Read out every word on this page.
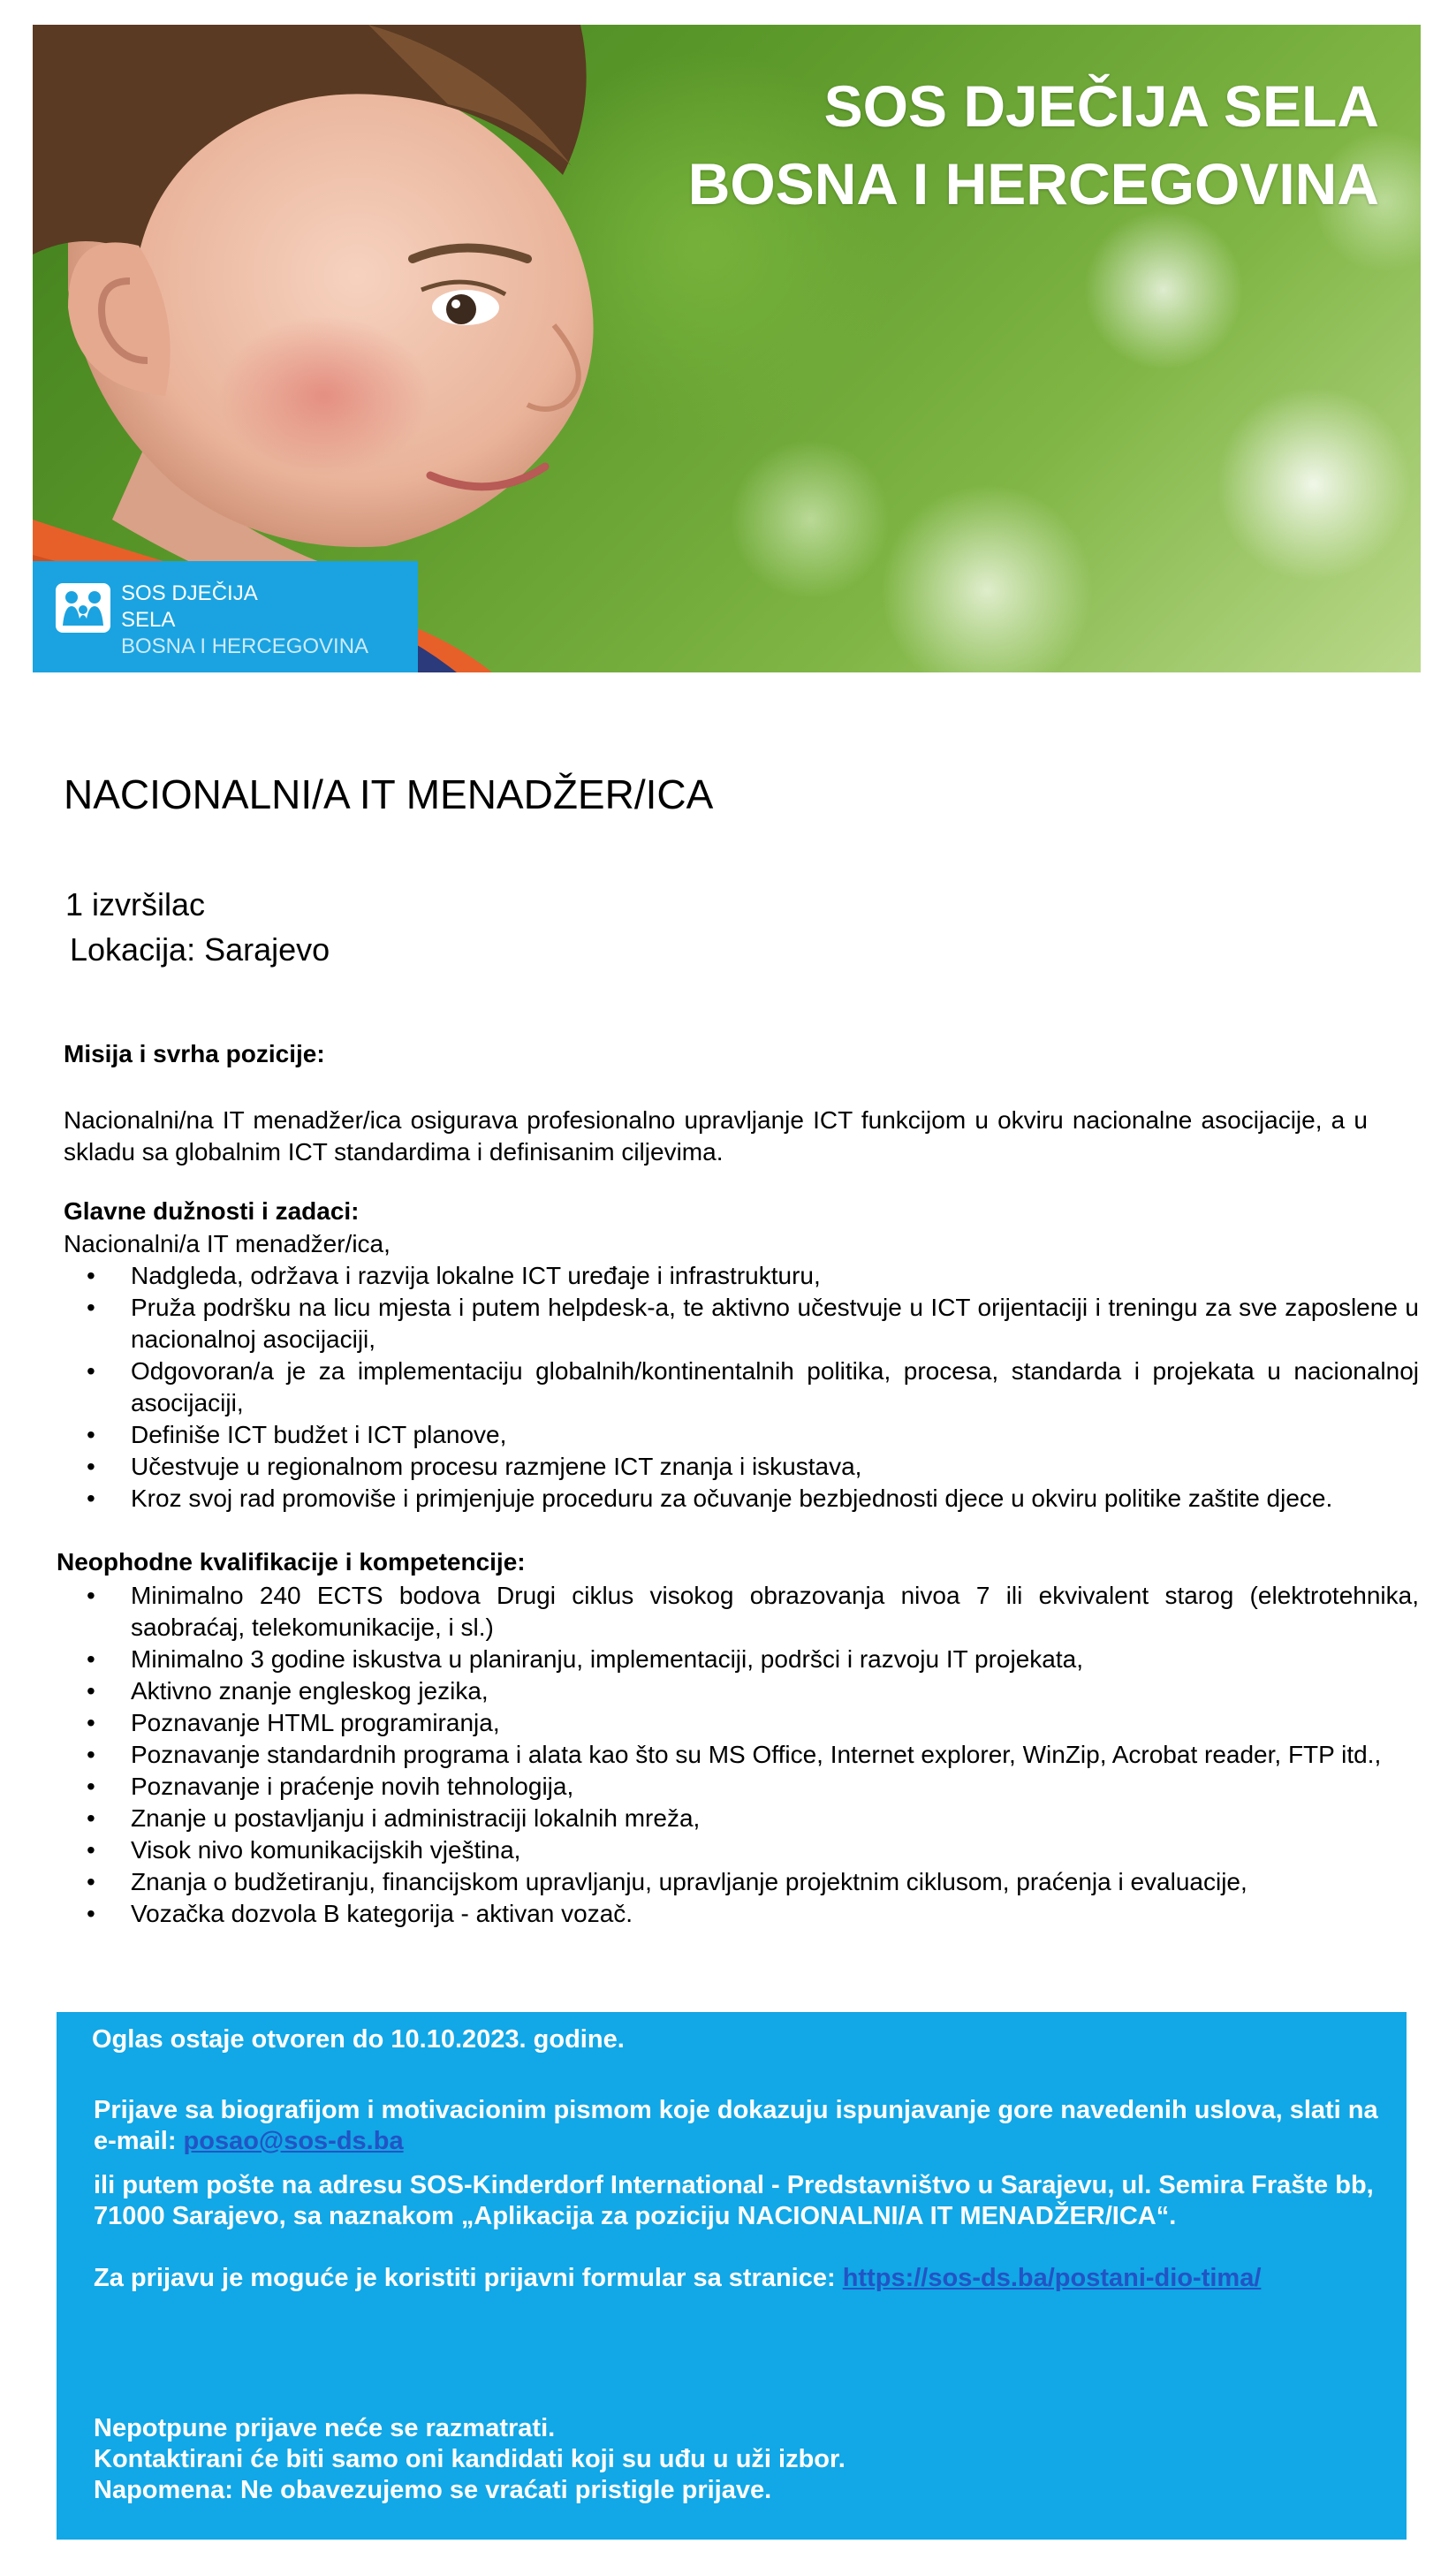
SOS DJEČIJA SELA
BOSNA I HERCEGOVINA
SOS DJEČIJA
SELA
BOSNA I HERCEGOVINA
NACIONALNI/A IT MENADŽER/ICA
1 izvršilac
Lokacija: Sarajevo
Misija i svrha pozicije:

Nacionalni/na IT menadžer/ica osigurava profesionalno upravljanje ICT funkcijom u okviru nacionalne asocijacije, a u skladu sa globalnim ICT standardima i definisanim ciljevima.

Glavne dužnosti i zadaci:
Nacionalni/a IT menadžer/ica,
• Nadgleda, održava i razvija lokalne ICT uređaje i infrastrukturu,
• Pruža podršku na licu mjesta i putem helpdesk-a, te aktivno učestvuje u ICT orijentaciji i treningu za sve zaposlene u nacionalnoj asocijaciji,
• Odgovoran/a je za implementaciju globalnih/kontinentalnih politika, procesa, standarda i projekata u nacionalnoj asocijaciji,
• Definiše ICT budžet i ICT planove,
• Učestvuje u regionalnom procesu razmjene ICT znanja i iskustava,
• Kroz svoj rad promoviše i primjenjuje proceduru za očuvanje bezbjednosti djece u okviru politike zaštite djece.
Neophodne kvalifikacije i kompetencije:
• Minimalno 240 ECTS bodova Drugi ciklus visokog obrazovanja nivoa 7 ili ekvivalent starog (elektrotehnika, saobraćaj, telekomunikacije, i sl.)
• Minimalno 3 godine iskustva u planiranju, implementaciji, podršci i razvoju IT projekata,
• Aktivno znanje engleskog jezika,
• Poznavanje HTML programiranja,
• Poznavanje standardnih programa i alata kao što su MS Office, Internet explorer, WinZip, Acrobat reader, FTP itd.,
• Poznavanje i praćenje novih tehnologija,
• Znanje u postavljanju i administraciji lokalnih mreža,
• Visok nivo komunikacijskih vještina,
• Znanja o budžetiranju, financijskom upravljanju, upravljanje projektnim ciklusom, praćenja i evaluacije,
• Vozačka dozvola B kategorija - aktivan vozač.

Oglas ostaje otvoren do 10.10.2023. godine.

Prijave sa biografijom i motivacionim pismom koje dokazuju ispunjavanje gore navedenih uslova, slati na e-mail: posao@sos-ds.ba

ili putem pošte na adresu SOS-Kinderdorf International - Predstavništvo u Sarajevu, ul. Semira Frašte bb, 71000 Sarajevo, sa naznakom „Aplikacija za poziciju NACIONALNI/A IT MENADŽER/ICA“.

Za prijavu je moguće je koristiti prijavni formular sa stranice: https://sos-ds.ba/postani-dio-tima/

Nepotpune prijave neće se razmatrati.

Kontaktirani će biti samo oni kandidati koji su uđu u uži izbor.

Napomena: Ne obavezujemo se vraćati pristigle prijave.
